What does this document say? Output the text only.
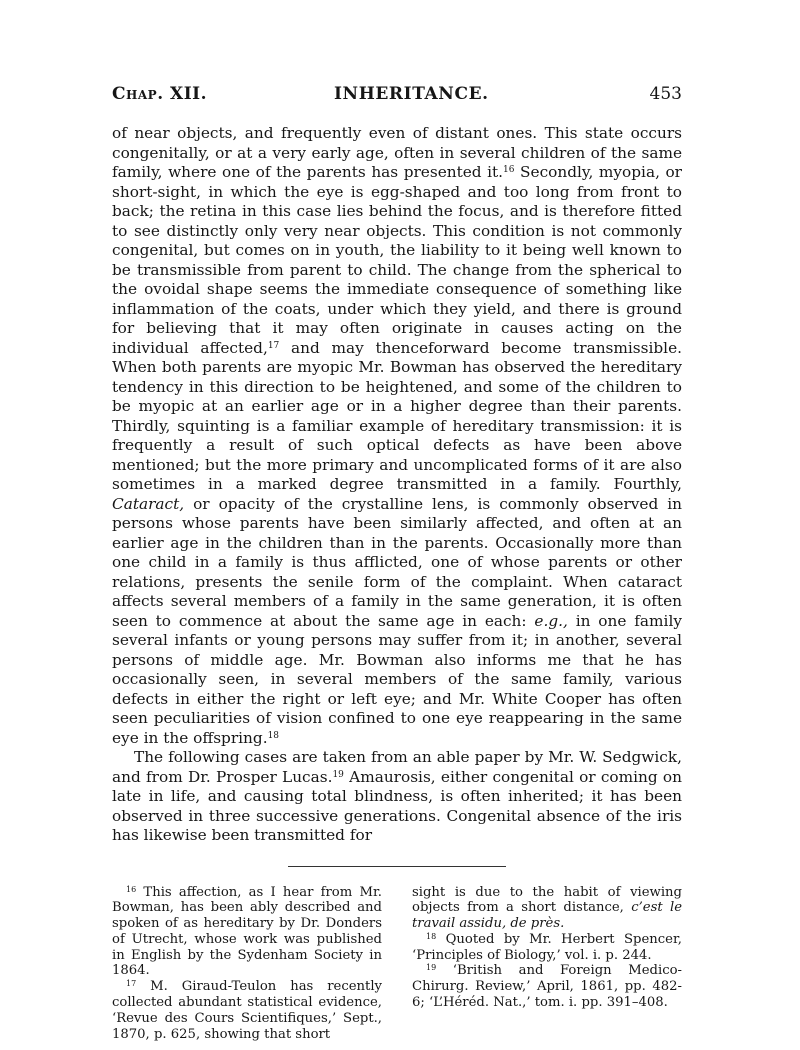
Chap. XII.	INHERITANCE.	453

of near objects, and frequently even of distant ones. This state occurs congenitally, or at a very early age, often in several children of the same family, where one of the parents has presented it.$^{16}$ Secondly, myopia, or short-sight, in which the eye is egg-shaped and too long from front to back; the retina in this case lies behind the focus, and is therefore fitted to see distinctly only very near objects. This condition is not commonly congenital, but comes on in youth, the liability to it being well known to be transmissible from parent to child. The change from the spherical to the ovoidal shape seems the immediate consequence of something like inflammation of the coats, under which they yield, and there is ground for believing that it may often originate in causes acting on the individual affected,$^{17}$ and may thenceforward become transmissible. When both parents are myopic Mr. Bowman has observed the hereditary tendency in this direction to be heightened, and some of the children to be myopic at an earlier age or in a higher degree than their parents. Thirdly, squinting is a familiar example of hereditary transmission: it is frequently a result of such optical defects as have been above mentioned; but the more primary and uncomplicated forms of it are also sometimes in a marked degree transmitted in a family. Fourthly, Cataract, or opacity of the crystalline lens, is commonly observed in persons whose parents have been similarly affected, and often at an earlier age in the children than in the parents. Occasionally more than one child in a family is thus afflicted, one of whose parents or other relations, presents the senile form of the complaint. When cataract affects several members of a family in the same generation, it is often seen to commence at about the same age in each: e.g., in one family several infants or young persons may suffer from it; in another, several persons of middle age. Mr. Bowman also informs me that he has occasionally seen, in several members of the same family, various defects in either the right or left eye; and Mr. White Cooper has often seen peculiarities of vision confined to one eye reappearing in the same eye in the offspring.$^{18}$

The following cases are taken from an able paper by Mr. W. Sedgwick, and from Dr. Prosper Lucas.$^{19}$ Amaurosis, either congenital or coming on late in life, and causing total blindness, is often inherited; it has been observed in three successive generations. Congenital absence of the iris has likewise been transmitted for

$^{16}$ This affection, as I hear from Mr. Bowman, has been ably described and spoken of as hereditary by Dr. Donders of Utrecht, whose work was published in English by the Sydenham Society in 1864.

$^{17}$ M. Giraud-Teulon has recently collected abundant statistical evidence, ‘Revue des Cours Scientifiques,’ Sept., 1870, p. 625, showing that short

sight is due to the habit of viewing objects from a short distance, c’est le travail assidu, de près.

$^{18}$ Quoted by Mr. Herbert Spencer, ‘Principles of Biology,’ vol. i. p. 244.

$^{19}$ ‘British and Foreign Medico-Chirurg. Review,’ April, 1861, pp. 482-6; ‘L’Héréd. Nat.,’ tom. i. pp. 391–408.
